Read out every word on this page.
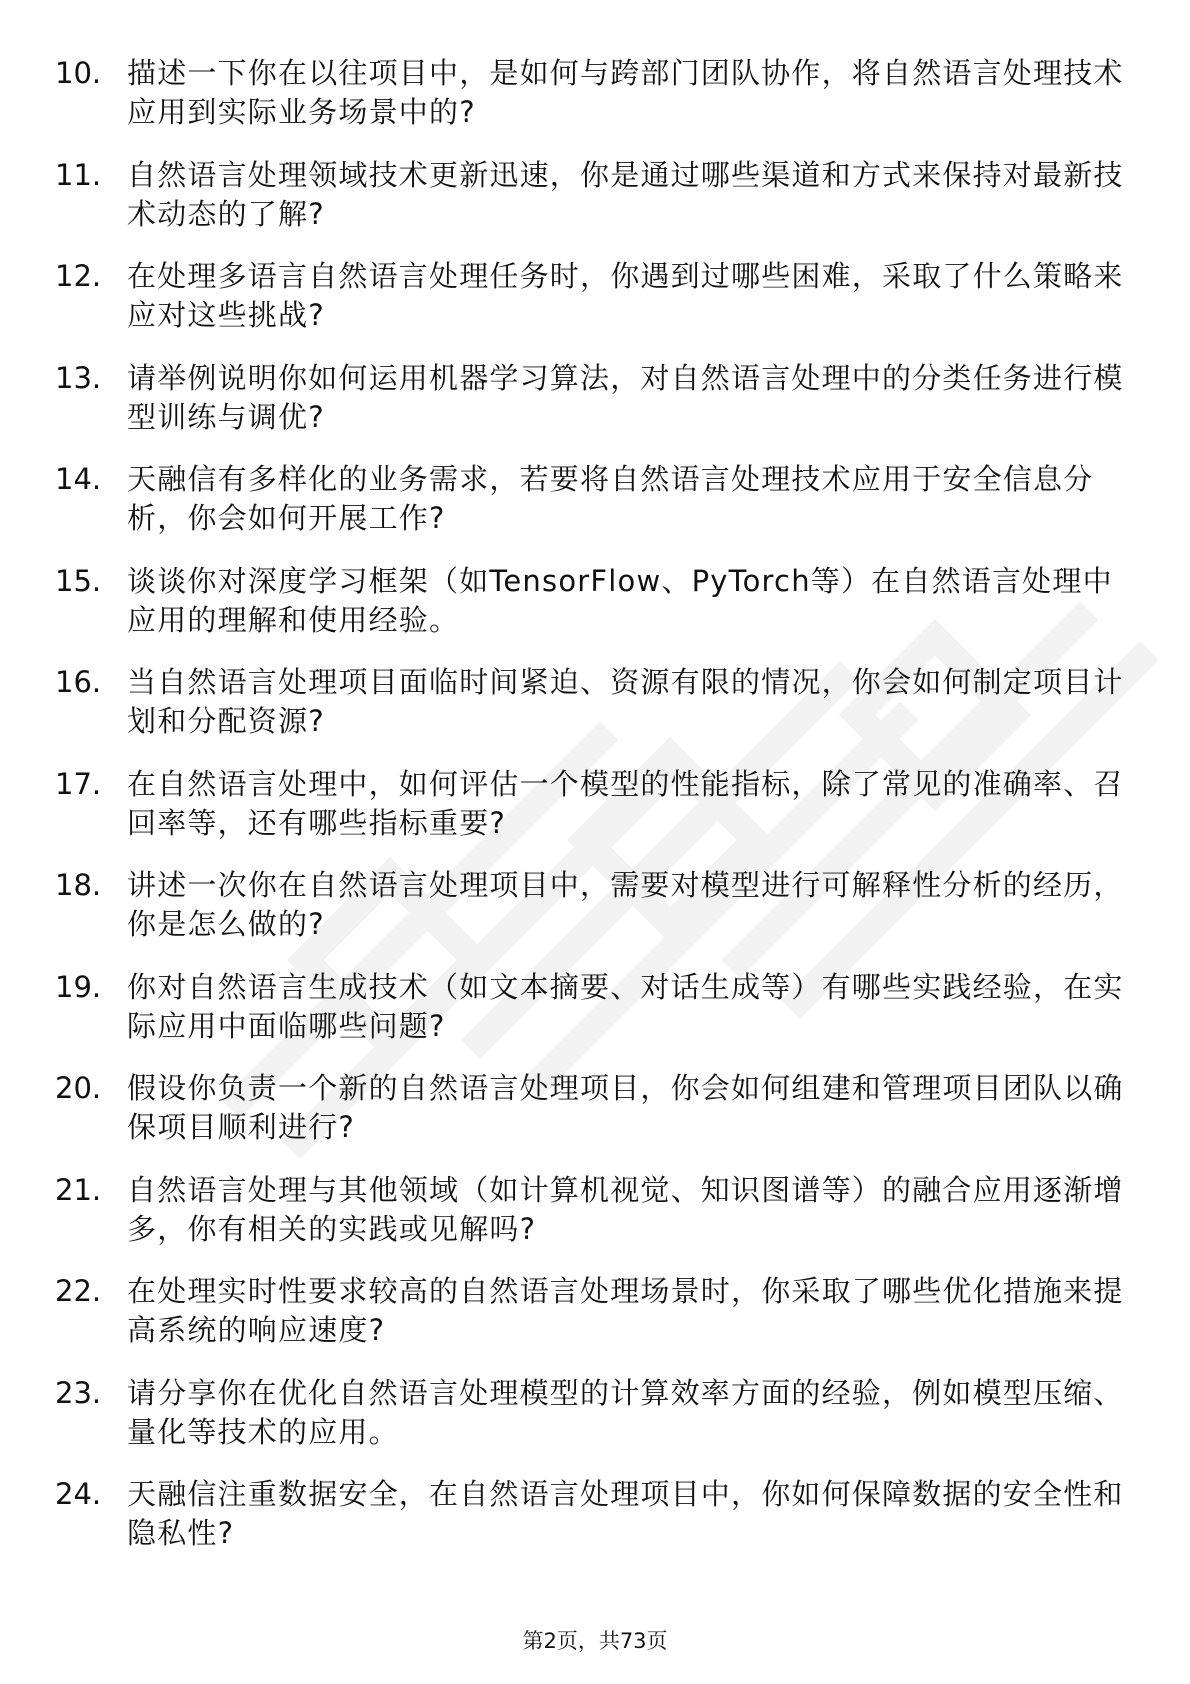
10. 描述一下你在以往项目中，是如何与跨部门团队协作，将自然语言处理技术应用到实际业务场景中的?
11. 自然语言处理领域技术更新迅速，你是通过哪些渠道和方式来保持对最新技术动态的了解?
12. 在处理多语言自然语言处理任务时，你遇到过哪些困难，采取了什么策略来应对这些挑战?
13. 请举例说明你如何运用机器学习算法，对自然语言处理中的分类任务进行模型训练与调优?
14. 天融信有多样化的业务需求，若要将自然语言处理技术应用于安全信息分析，你会如何开展工作?
15. 谈谈你对深度学习框架（如TensorFlow、PyTorch等）在自然语言处理中应用的理解和使用经验。
16. 当自然语言处理项目面临时间紧迫、资源有限的情况，你会如何制定项目计划和分配资源?
17. 在自然语言处理中，如何评估一个模型的性能指标，除了常见的准确率、召回率等，还有哪些指标重要?
18. 讲述一次你在自然语言处理项目中，需要对模型进行可解释性分析的经历，你是怎么做的?
19. 你对自然语言生成技术（如文本摘要、对话生成等）有哪些实践经验，在实际应用中面临哪些问题?
20. 假设你负责一个新的自然语言处理项目，你会如何组建和管理项目团队以确保项目顺利进行?
21. 自然语言处理与其他领域（如计算机视觉、知识图谱等）的融合应用逐渐增多，你有相关的实践或见解吗?
22. 在处理实时性要求较高的自然语言处理场景时，你采取了哪些优化措施来提高系统的响应速度?
23. 请分享你在优化自然语言处理模型的计算效率方面的经验，例如模型压缩、量化等技术的应用。
24. 天融信注重数据安全，在自然语言处理项目中，你如何保障数据的安全性和隐私性?
第2页，共73页
